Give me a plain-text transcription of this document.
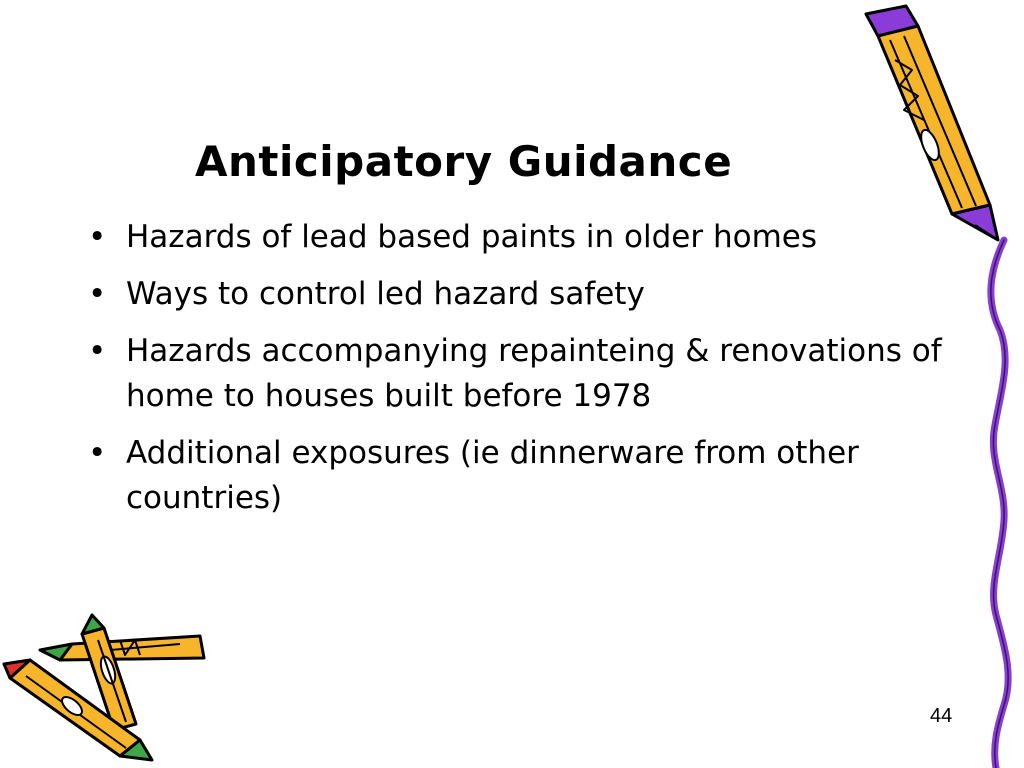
Anticipatory Guidance
• Hazards of lead based paints in older homes
• Ways to control led hazard safety
• Hazards accompanying repainteing & renovations of home to houses built before 1978
• Additional exposures (ie dinnerware from other countries)
44
